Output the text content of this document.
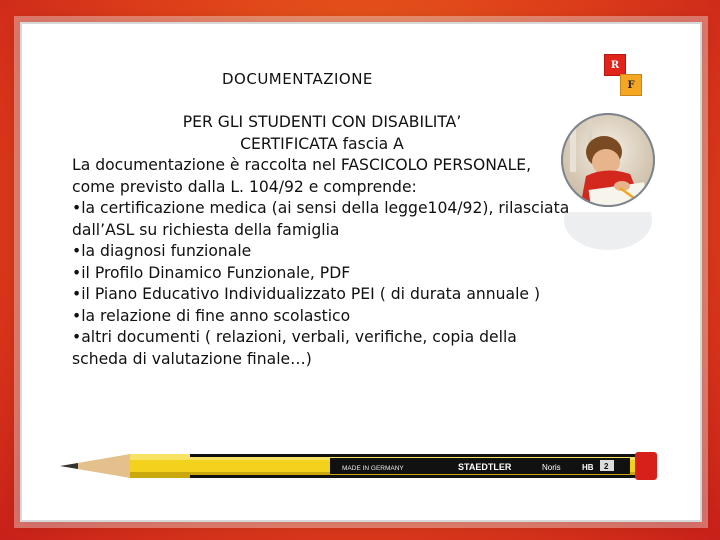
R
F
DOCUMENTAZIONE
PER GLI STUDENTI CON DISABILITA’
CERTIFICATA fascia A

La documentazione è raccolta nel FASCICOLO PERSONALE, come previsto dalla L. 104/92 e comprende:

•la certificazione medica (ai sensi della legge104/92), rilasciata dall’ASL su richiesta della famiglia

•la diagnosi funzionale

•il Profilo Dinamico Funzionale, PDF

•il Piano Educativo Individualizzato PEI ( di durata annuale )

•la relazione di fine anno scolastico

•altri documenti ( relazioni, verbali, verifiche, copia della scheda di valutazione finale…)

MADE IN GERMANY	STAEDTLER	Noris	HB 2
